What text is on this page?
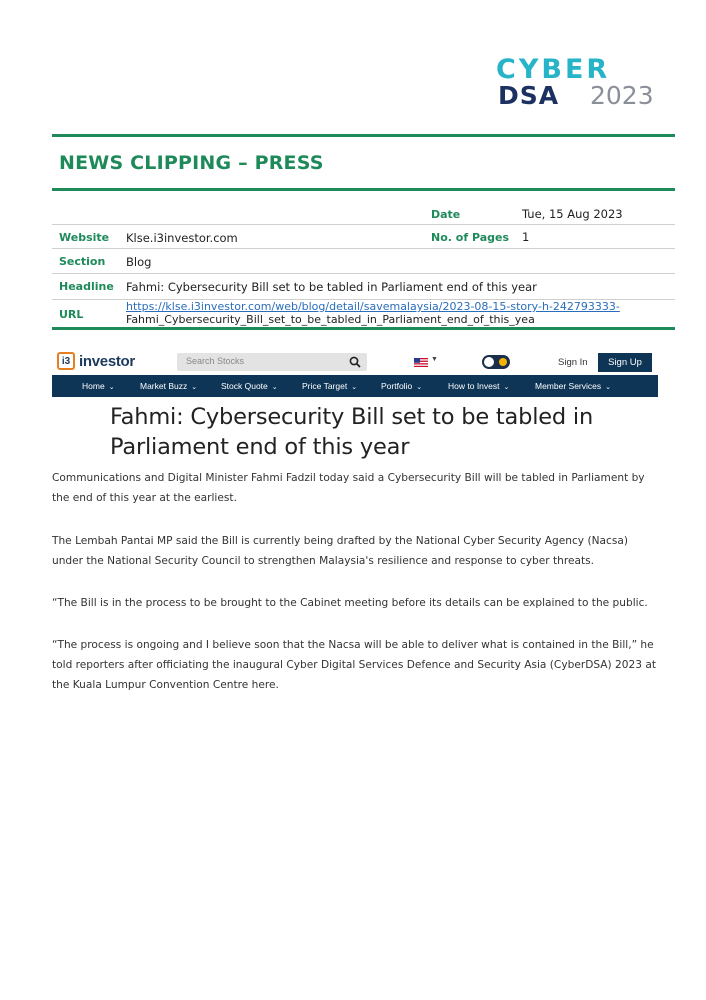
CYBER
DSA 2023
NEWS CLIPPING – PRESS
Date	Tue, 15 Aug 2023
Website Klse.i3investor.com	No. of Pages 1
Section Blog
Headline Fahmi: Cybersecurity Bill set to be tabled in Parliament end of this year
URL
https://klse.i3investor.com/web/blog/detail/savemalaysia/2023-08-15-story-h-242793333-
Fahmi_Cybersecurity_Bill_set_to_be_tabled_in_Parliament_end_of_this_yea
i3 investor	Search Stocks	▼	Sign In	Sign Up
Home ⌄	Market Buzz ⌄	Stock Quote ⌄	Price Target ⌄	Portfolio ⌄	How to Invest ⌄	Member Services ⌄
Fahmi: Cybersecurity Bill set to be tabled in Parliament end of this year

Communications and Digital Minister Fahmi Fadzil today said a Cybersecurity Bill will be tabled in Parliament by the end of this year at the earliest.

The Lembah Pantai MP said the Bill is currently being drafted by the National Cyber Security Agency (Nacsa) under the National Security Council to strengthen Malaysia's resilience and response to cyber threats.

“The Bill is in the process to be brought to the Cabinet meeting before its details can be explained to the public.

“The process is ongoing and I believe soon that the Nacsa will be able to deliver what is contained in the Bill,” he told reporters after officiating the inaugural Cyber Digital Services Defence and Security Asia (CyberDSA) 2023 at the Kuala Lumpur Convention Centre here.
